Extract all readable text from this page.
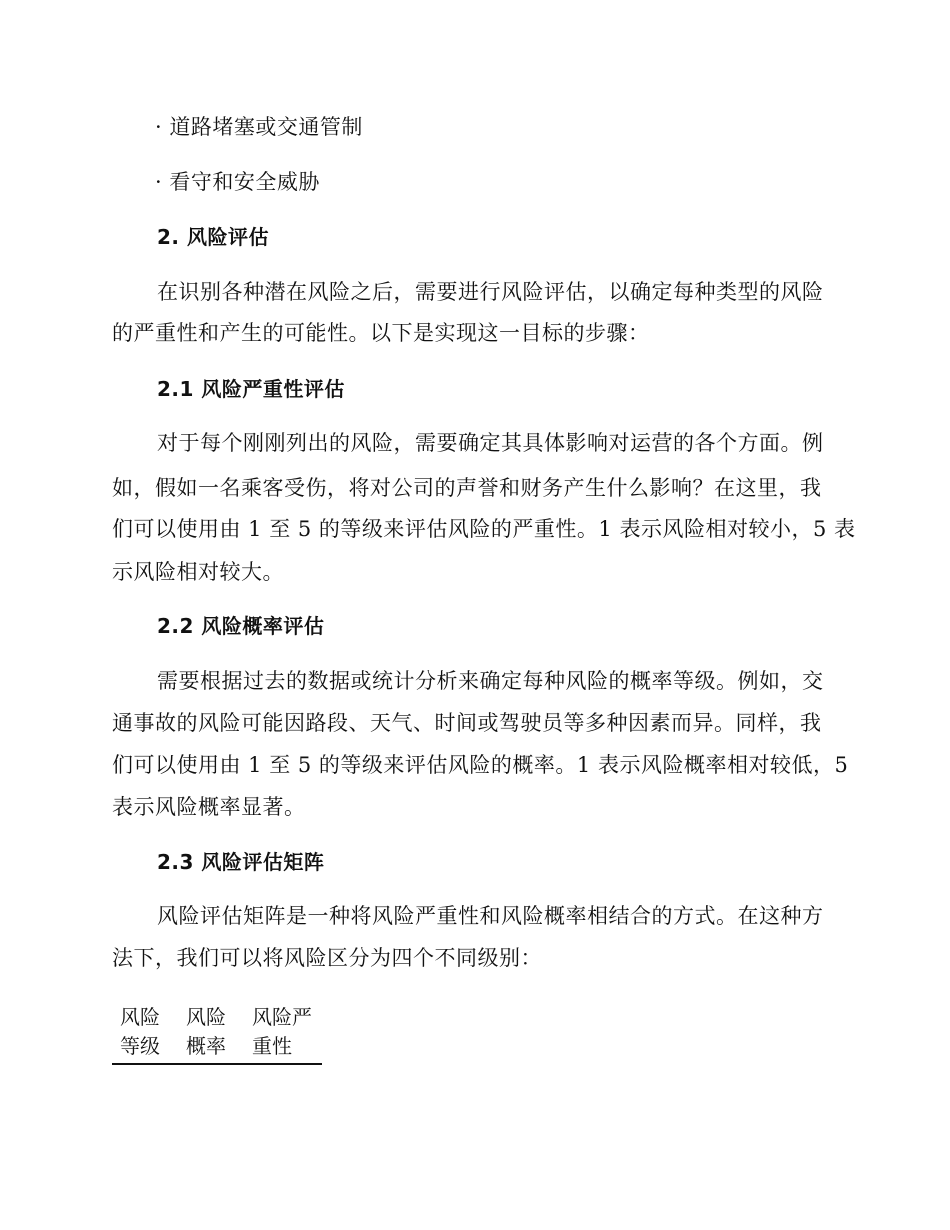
· 道路堵塞或交通管制
· 看守和安全威胁
2. 风险评估
在识别各种潜在风险之后，需要进行风险评估，以确定每种类型的风险
的严重性和产生的可能性。以下是实现这一目标的步骤：
2.1 风险严重性评估
对于每个刚刚列出的风险，需要确定其具体影响对运营的各个方面。例
如，假如一名乘客受伤，将对公司的声誉和财务产生什么影响？在这里，我
们可以使用由 1 至 5 的等级来评估风险的严重性。1 表示风险相对较小，5 表
示风险相对较大。
2.2 风险概率评估
需要根据过去的数据或统计分析来确定每种风险的概率等级。例如，交
通事故的风险可能因路段、天气、时间或驾驶员等多种因素而异。同样，我
们可以使用由 1 至 5 的等级来评估风险的概率。1 表示风险概率相对较低，5
表示风险概率显著。
2.3 风险评估矩阵
风险评估矩阵是一种将风险严重性和风险概率相结合的方式。在这种方
法下，我们可以将风险区分为四个不同级别：
风险等级	风险概率	风险严重性
